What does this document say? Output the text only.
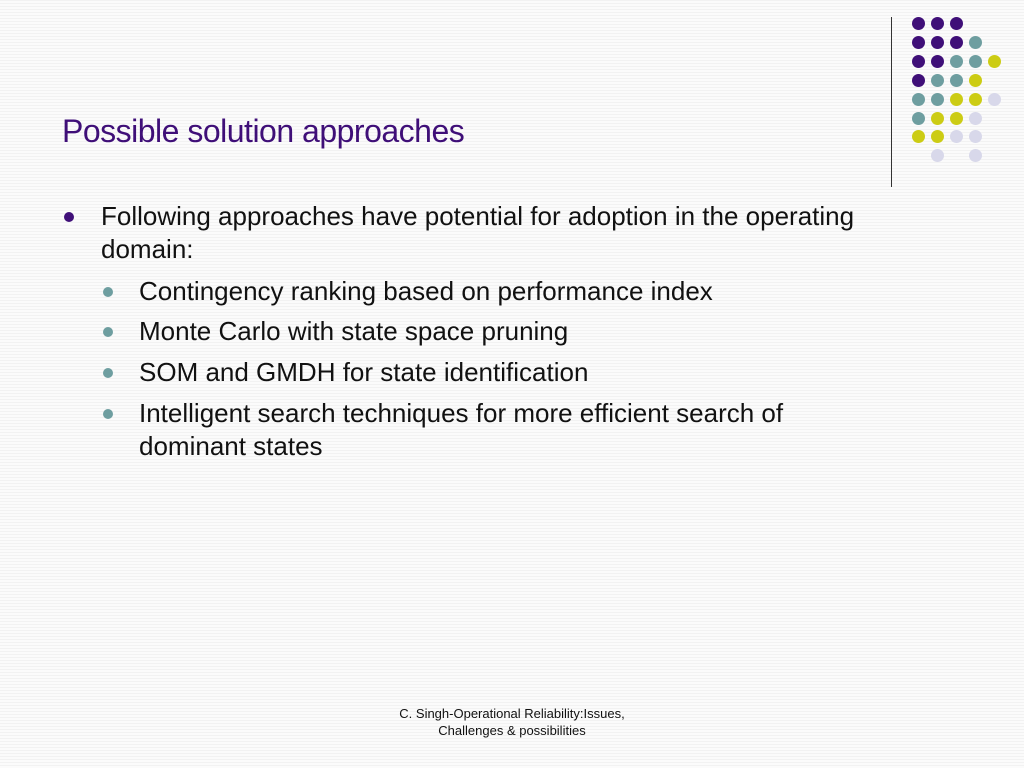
Possible solution approaches
Following approaches have potential for adoption in the operating domain:
Contingency ranking based on performance index
Monte Carlo with state space pruning
SOM and GMDH for state identification
Intelligent search techniques for more efficient search of dominant states
C. Singh-Operational Reliability:Issues,
Challenges & possibilities
